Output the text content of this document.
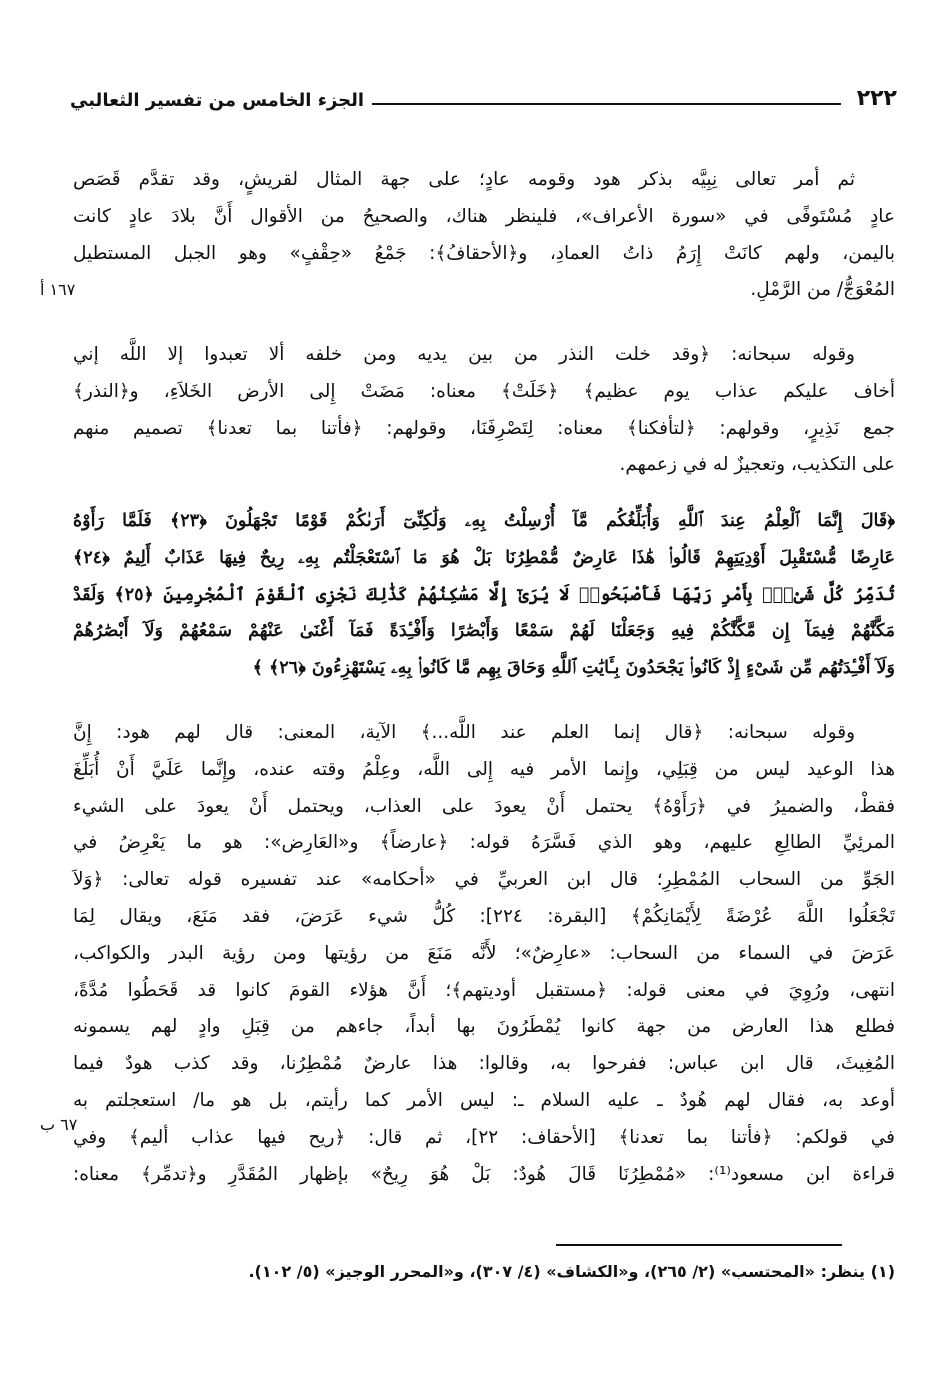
٢٢٢
الجزء الخامس من تفسير الثعالبي
ثم أمر تعالى نِبِيَّه بذكر هود وقومه عادٍ؛ على جهة المثال لقريشٍ، وقد تقدَّم قَصَص
عادٍ مُسْتَوفًى في «سورة الأعراف»، فلينظر هناك، والصحيحُ من الأقوال أَنَّ بلادَ عادٍ كانت
باليمن، ولهم كانَتْ إِرَمُ ذاتُ العمادِ، و﴿الأحقافُ﴾: جَمْعُ «حِقْفٍ» وهو الجبل المستطيل
المُعْوَجُّ/ من الرَّمْلِ.
وقوله سبحانه: ﴿وقد خلت النذر من بين يديه ومن خلفه ألا تعبدوا إلا اللَّه إني
أخاف عليكم عذاب يوم عظيم﴾ ﴿خَلَتْ﴾ معناه: مَضَتْ إِلى الأرض الخَلاَءِ، و﴿النذر﴾
جمع نَذِيرٍ، وقولهم: ﴿لتأفكنا﴾ معناه: لِتَصْرِفَنَا، وقولهم: ﴿فأتنا بما تعدنا﴾ تصميم منهم
على التكذيب، وتعجيزٌ له في زعمهم.
﴿قَالَ إِنَّمَا ٱلْعِلْمُ عِندَ ٱللَّهِ وَأُبَلِّغُكُم مَّآ أُرْسِلْتُ بِهِۦ وَلَٰكِنِّىٓ أَرَىٰكُمْ قَوْمًا تَجْهَلُونَ ﴿٢٣﴾ فَلَمَّا رَأَوْهُ
عَارِضًا مُّسْتَقْبِلَ أَوْدِيَتِهِمْ قَالُوا۟ هَٰذَا عَارِضٌ مُّمْطِرُنَا بَلْ هُوَ مَا ٱسْتَعْجَلْتُم بِهِۦ رِيحٌ فِيهَا عَذَابٌ أَلِيمٌ ﴿٢٤﴾
تُدَمِّرُ كُلَّ شَىْءٍۭ بِأَمْرِ رَبِّهَا فَأَصْبَحُوا۟ لَا يُرَىٰٓ إِلَّا مَسَٰكِنُهُمْ كَذَٰلِكَ نَجْزِى ٱلْقَوْمَ ٱلْمُجْرِمِينَ ﴿٢٥﴾ وَلَقَدْ
مَكَّنَّٰهُمْ فِيمَآ إِن مَّكَّنَّٰكُمْ فِيهِ وَجَعَلْنَا لَهُمْ سَمْعًا وَأَبْصَٰرًا وَأَفْـِٔدَةً فَمَآ أَغْنَىٰ عَنْهُمْ سَمْعُهُمْ وَلَآ أَبْصَٰرُهُمْ
وَلَآ أَفْـِٔدَتُهُم مِّن شَىْءٍ إِذْ كَانُوا۟ يَجْحَدُونَ بِـَٔايَٰتِ ٱللَّهِ وَحَاقَ بِهِم مَّا كَانُوا۟ بِهِۦ يَسْتَهْزِءُونَ ﴿٢٦﴾ ﴾
وقوله سبحانه: ﴿قال إنما العلم عند اللَّه...﴾ الآية، المعنى: قال لهم هود: إِنَّ
هذا الوعيد ليس من قِبَلِي، وإِنما الأمر فيه إِلى اللَّه، وعِلْمُ وقته عنده، وإِنَّما عَلَيَّ أَنْ أُبَلِّغَ
فقطْ، والضميرُ في ﴿رَأَوْهُ﴾ يحتمل أَنْ يعودَ على العذاب، ويحتمل أَنْ يعودَ على الشيء
المرئِيِّ الطالِعِ عليهم، وهو الذي فَسَّرَهُ قوله: ﴿عارضاً﴾ و«العَارِض»: هو ما يَعْرِضُ في
الجَوِّ من السحاب المُمْطِرِ؛ قال ابن العربيِّ في «أحكامه» عند تفسيره قوله تعالى: ﴿وَلاَ
تَجْعَلُوا اللَّهَ عُرْضَةً لِأَيْمَانِكُمْ﴾ [البقرة: ٢٢٤]: كُلُّ شيء عَرَضَ، فقد مَنَعَ، ويقال لِمَا
عَرَضَ في السماء من السحاب: «عارِضٌ»؛ لأَنَّه مَنَعَ من رؤيتها ومن رؤية البدر والكواكب،
انتهى، ورُوِيَ في معنى قوله: ﴿مستقبل أوديتهم﴾؛ أَنَّ هؤلاء القومَ كانوا قد قَحَطُوا مُدَّةً،
فطلع هذا العارض من جهة كانوا يُمْطَرُونَ بها أبداً، جاءهم من قِبَلِ وادٍ لهم يسمونه
المُغِيثَ، قال ابن عباس: ففرحوا به، وقالوا: هذا عارضٌ مُمْطِرُنا، وقد كذب هودٌ فيما
أوعد به، فقال لهم هُودٌ ـ عليه السلام ـ: ليس الأمر كما رأيتم، بل هو ما/ استعجلتم به
في قولكم: ﴿فأتنا بما تعدنا﴾ [الأحقاف: ٢٢]، ثم قال: ﴿ريح فيها عذاب أليم﴾ وفي
قراءة ابن مسعود⁽¹⁾: «مُمْطِرُنَا قَالَ هُودٌ: بَلْ هُوَ رِيحٌ» بإظهار المُقَدَّرِ و﴿تدمِّر﴾ معناه:
١٦٧ أ
٦٧ ب
(١) ينظر: «المحتسب» (٢/ ٢٦٥)، و«الكشاف» (٤/ ٣٠٧)، و«المحرر الوجيز» (٥/ ١٠٢).
